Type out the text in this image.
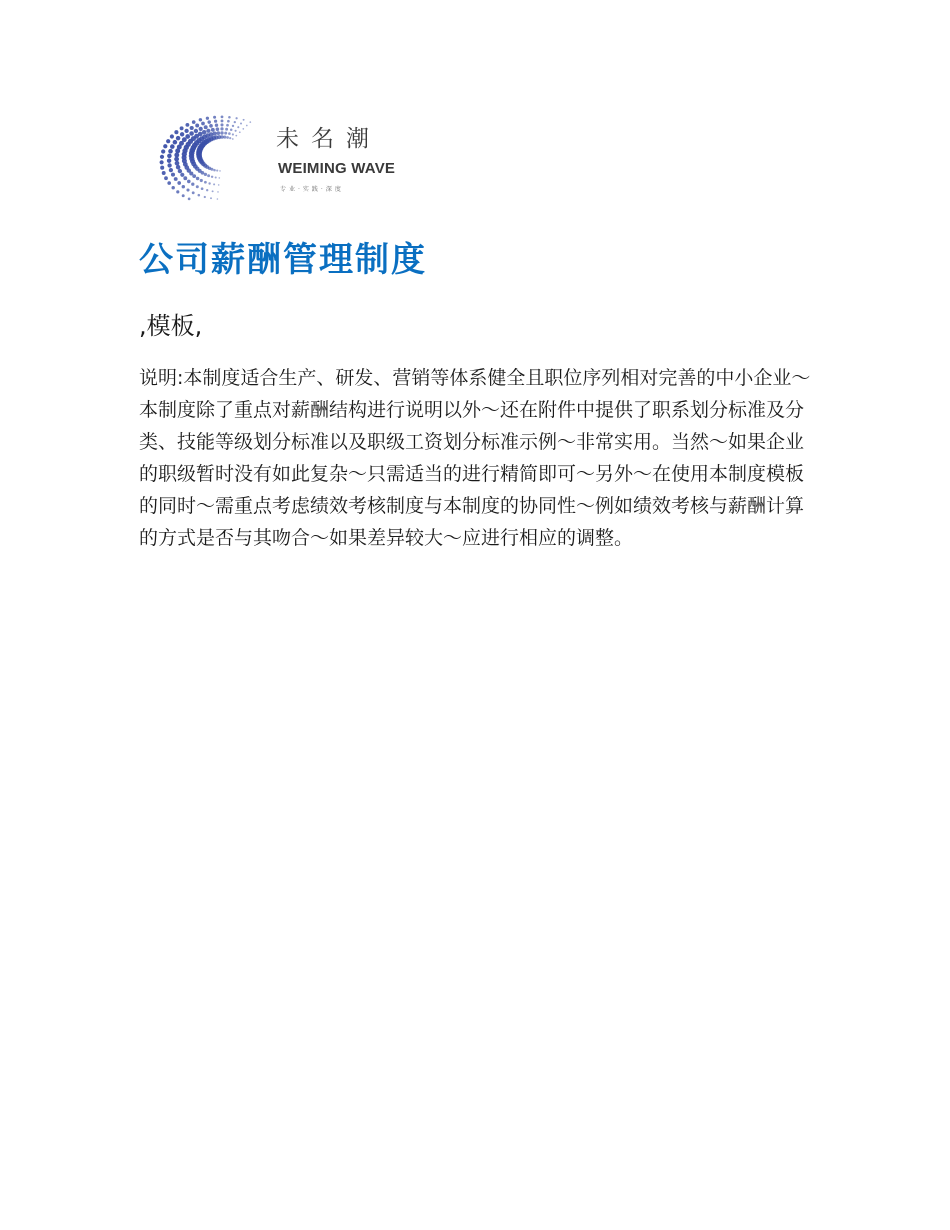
未名潮
WEIMING WAVE
专业·实践·深度
公司薪酬管理制度
,模板,

说明:本制度适合生产、研发、营销等体系健全且职位序列相对完善的中小企业～本制度除了重点对薪酬结构进行说明以外～还在附件中提供了职系划分标准及分类、技能等级划分标准以及职级工资划分标准示例～非常实用。当然～如果企业的职级暂时没有如此复杂～只需适当的进行精简即可～另外～在使用本制度模板的同时～需重点考虑绩效考核制度与本制度的协同性～例如绩效考核与薪酬计算的方式是否与其吻合～如果差异较大～应进行相应的调整。
